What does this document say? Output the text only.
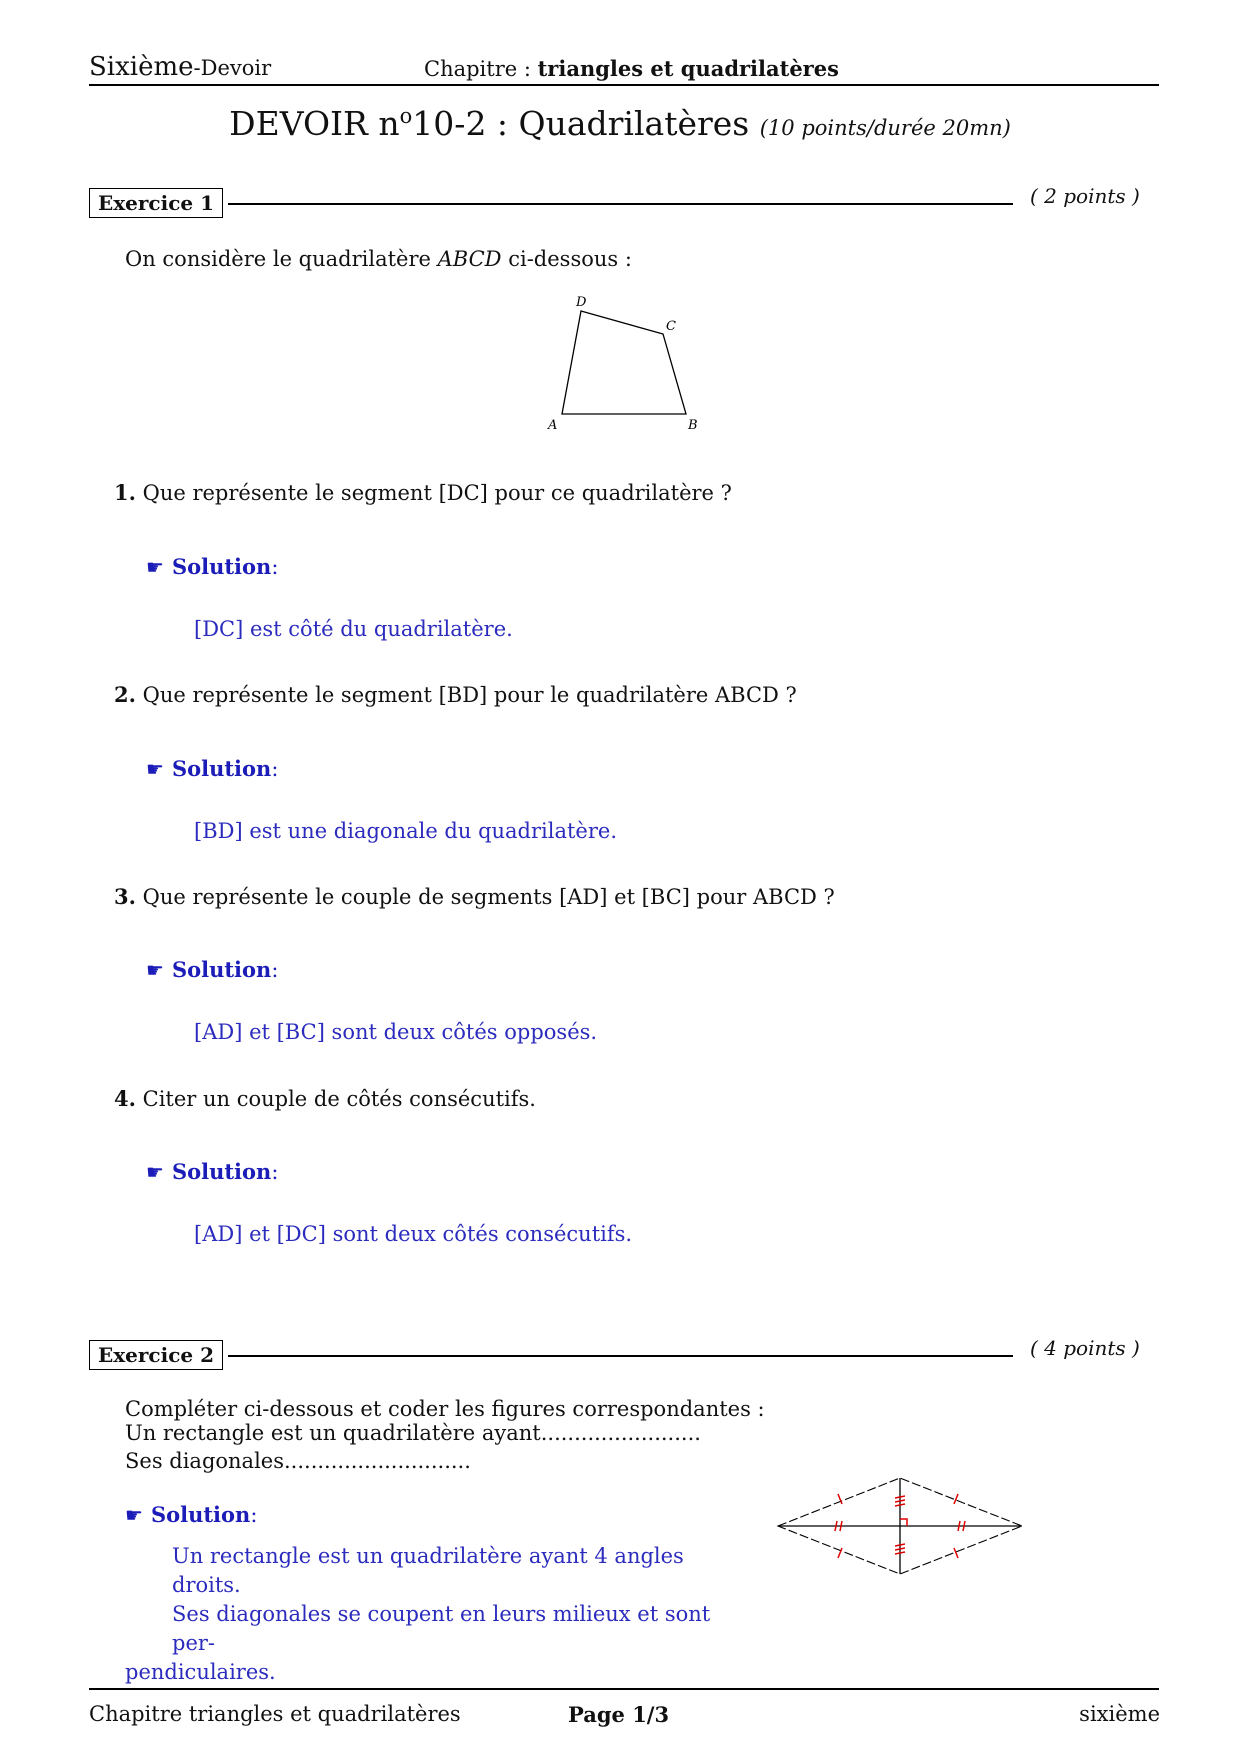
Sixième-Devoir	Chapitre : triangles et quadrilatères
DEVOIR $n^o10-2$ : Quadrilatères (10 points/durée 20mn)
Exercice 1	( 2 points )
On considère le quadrilatère ABCD ci-dessous :
D
C
A	B
1. Que représente le segment [DC] pour ce quadrilatère ?
☛ Solution:
[DC] est côté du quadrilatère.
2. Que représente le segment [BD] pour le quadrilatère ABCD ?
☛ Solution:
[BD] est une diagonale du quadrilatère.
3. Que représente le couple de segments [AD] et [BC] pour ABCD ?
☛ Solution:
[AD] et [BC] sont deux côtés opposés.
4. Citer un couple de côtés consécutifs.
☛ Solution:
[AD] et [DC] sont deux côtés consécutifs.
Exercice 2	( 4 points )
Compléter ci-dessous et coder les figures correspondantes :
Un rectangle est un quadrilatère ayant........................
Ses diagonales............................
☛ Solution:
Un rectangle est un quadrilatère ayant 4 angles droits.
Ses diagonales se coupent en leurs milieux et sont per-
pendiculaires.
Chapitre triangles et quadrilatères	Page 1/3	sixième
